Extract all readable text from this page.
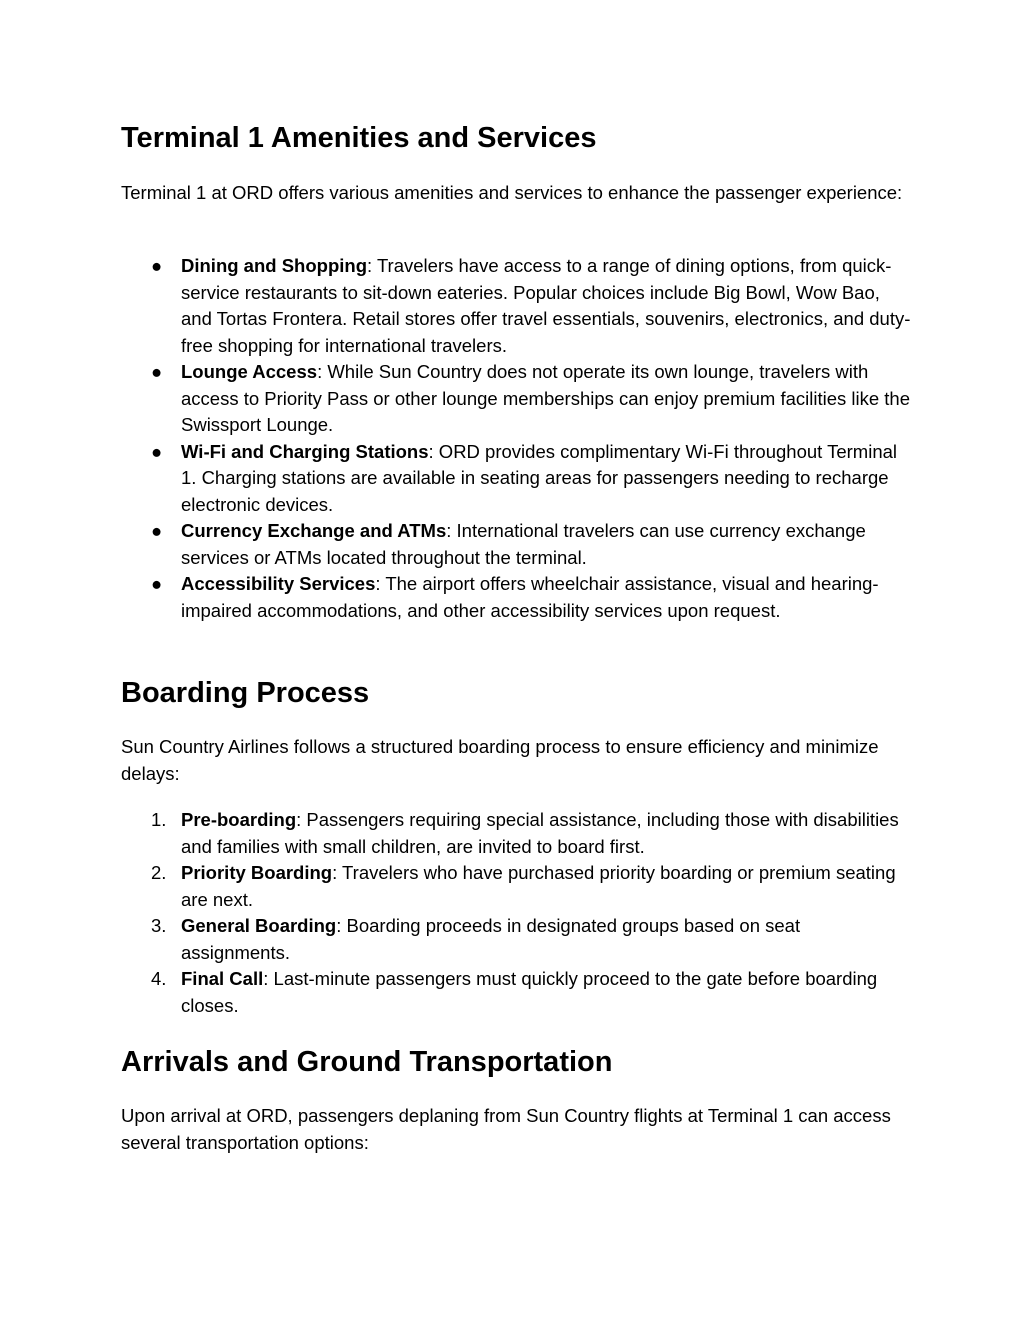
Terminal 1 Amenities and Services

Terminal 1 at ORD offers various amenities and services to enhance the passenger experience:

● Dining and Shopping: Travelers have access to a range of dining options, from quick-service restaurants to sit-down eateries. Popular choices include Big Bowl, Wow Bao, and Tortas Frontera. Retail stores offer travel essentials, souvenirs, electronics, and duty-free shopping for international travelers.
● Lounge Access: While Sun Country does not operate its own lounge, travelers with access to Priority Pass or other lounge memberships can enjoy premium facilities like the Swissport Lounge.
● Wi-Fi and Charging Stations: ORD provides complimentary Wi-Fi throughout Terminal 1. Charging stations are available in seating areas for passengers needing to recharge electronic devices.
● Currency Exchange and ATMs: International travelers can use currency exchange services or ATMs located throughout the terminal.
● Accessibility Services: The airport offers wheelchair assistance, visual and hearing-impaired accommodations, and other accessibility services upon request.
Boarding Process

Sun Country Airlines follows a structured boarding process to ensure efficiency and minimize delays:

1. Pre-boarding: Passengers requiring special assistance, including those with disabilities and families with small children, are invited to board first.
2. Priority Boarding: Travelers who have purchased priority boarding or premium seating are next.
3. General Boarding: Boarding proceeds in designated groups based on seat assignments.
4. Final Call: Last-minute passengers must quickly proceed to the gate before boarding closes.
Arrivals and Ground Transportation

Upon arrival at ORD, passengers deplaning from Sun Country flights at Terminal 1 can access several transportation options:
